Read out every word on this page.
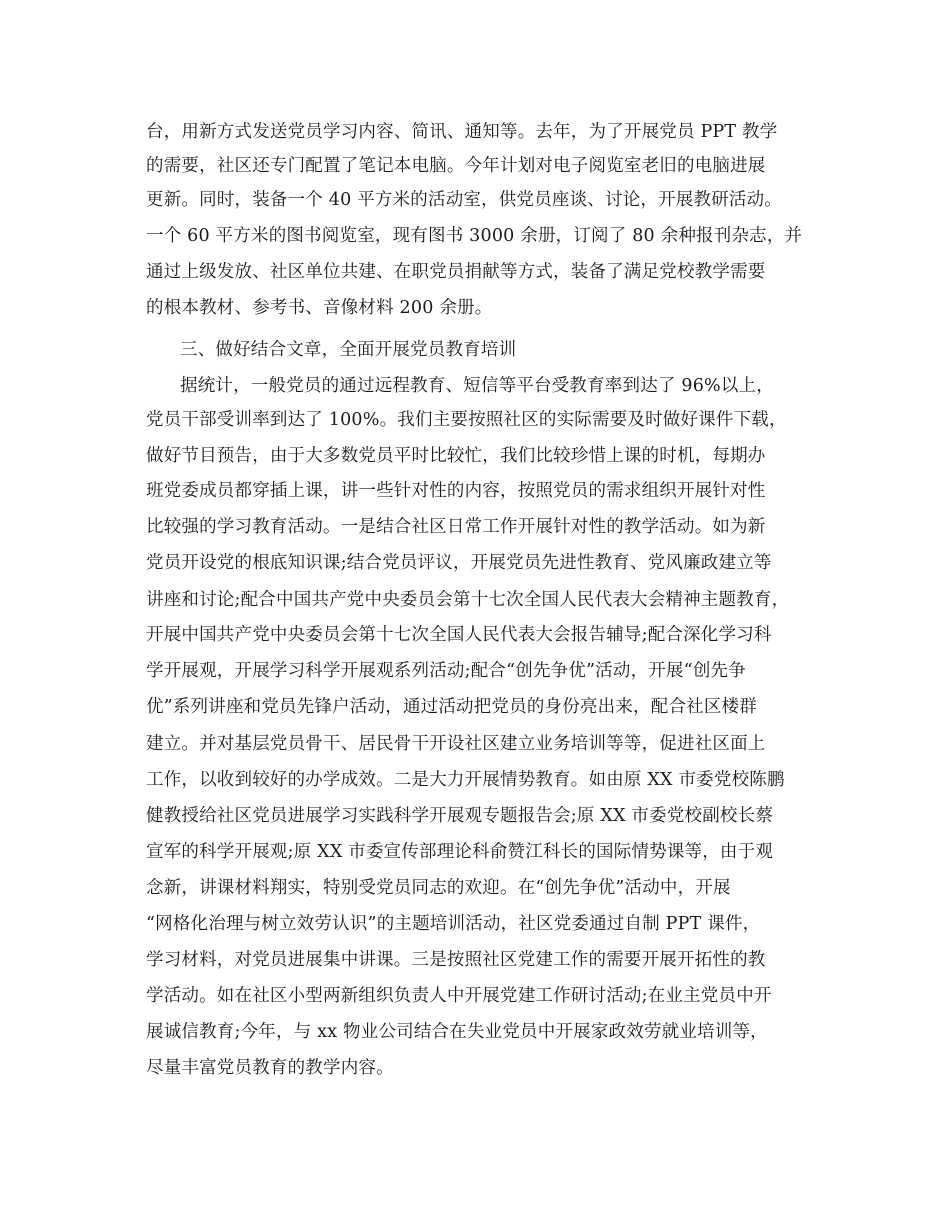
台，用新方式发送党员学习内容、简讯、通知等。去年，为了开展党员 PPT 教学
的需要，社区还专门配置了笔记本电脑。今年计划对电子阅览室老旧的电脑进展
更新。同时，装备一个 40 平方米的活动室，供党员座谈、讨论，开展教研活动。
一个 60 平方米的图书阅览室，现有图书 3000 余册，订阅了 80 余种报刊杂志，并
通过上级发放、社区单位共建、在职党员捐献等方式，装备了满足党校教学需要
的根本教材、参考书、音像材料 200 余册。
三、做好结合文章，全面开展党员教育培训
据统计，一般党员的通过远程教育、短信等平台受教育率到达了 96%以上，
党员干部受训率到达了 100%。我们主要按照社区的实际需要及时做好课件下载，
做好节目预告，由于大多数党员平时比较忙，我们比较珍惜上课的时机，每期办
班党委成员都穿插上课，讲一些针对性的内容，按照党员的需求组织开展针对性
比较强的学习教育活动。一是结合社区日常工作开展针对性的教学活动。如为新
党员开设党的根底知识课;结合党员评议，开展党员先进性教育、党风廉政建立等
讲座和讨论;配合中国共产党中央委员会第十七次全国人民代表大会精神主题教育，
开展中国共产党中央委员会第十七次全国人民代表大会报告辅导;配合深化学习科
学开展观，开展学习科学开展观系列活动;配合“创先争优”活动，开展“创先争
优”系列讲座和党员先锋户活动，通过活动把党员的身份亮出来，配合社区楼群
建立。并对基层党员骨干、居民骨干开设社区建立业务培训等等，促进社区面上
工作，以收到较好的办学成效。二是大力开展情势教育。如由原 XX 市委党校陈鹏
健教授给社区党员进展学习实践科学开展观专题报告会;原 XX 市委党校副校长蔡
宣军的科学开展观;原 XX 市委宣传部理论科俞赞江科长的国际情势课等，由于观
念新，讲课材料翔实，特别受党员同志的欢迎。在“创先争优”活动中，开展
“网格化治理与树立效劳认识”的主题培训活动，社区党委通过自制 PPT 课件，
学习材料，对党员进展集中讲课。三是按照社区党建工作的需要开展开拓性的教
学活动。如在社区小型两新组织负责人中开展党建工作研讨活动;在业主党员中开
展诚信教育;今年，与 xx 物业公司结合在失业党员中开展家政效劳就业培训等，
尽量丰富党员教育的教学内容。
